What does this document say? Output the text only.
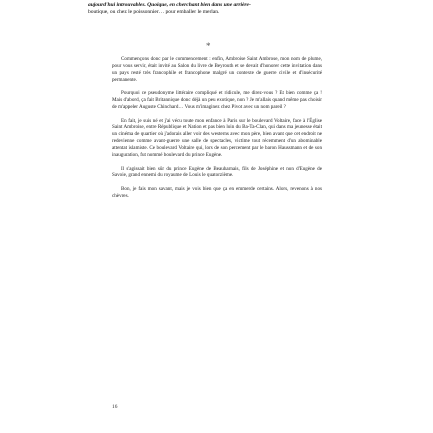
aujourd'hui introuvables. Quoique, en cherchant bien dans une arrière-
boutique, ou chez le poissonnier… pour emballer le merlan.
*

Commençons donc par le commencement : enfin, Ambroise Saint Ambrose, mon nom de plume, pour vous servir, était invité au Salon du livre de Beyrouth et se devait d'honorer cette invitation dans un pays resté très francophile et francophone malgré un contexte de guerre civile et d'insécurité permanente.

Pourquoi ce pseudonyme littéraire compliqué et ridicule, me direz-vous ? Et bien comme ça ! Mais d'abord, ça fait Britannique donc déjà un peu exotique, non ? Je m'allais quand même pas choisir de m'appeler Auguste Chinchard… Vous m'imaginez chez Pivot avec un nom pareil ?

En fait, je suis né et j'ai vécu toute mon enfance à Paris sur le boulevard Voltaire, face à l'Église Saint Ambroise, entre République et Nation et pas bien loin du Ba-Ta-Clan, qui dans ma jeunesse était un cinéma de quartier où j'adorais aller voir des westerns avec mon père, bien avant que cet endroit ne redevienne comme avant-guerre une salle de spectacles, victime tout récemment d'un abominable attentat islamiste. Ce boulevard Voltaire qui, lors de son percement par le baron Haussmann et de son inauguration, fut nommé boulevard du prince Eugène.

Il s'agissait bien sûr du prince Eugène de Beauharnais, fils de Joséphine et non d'Eugène de Savoie, grand ennemi du royaume de Louis le quatorzième.

Bon, je fais mon savant, mais je vois bien que ça en emmerde certains. Alors, revenons à nos chèvres.

16
